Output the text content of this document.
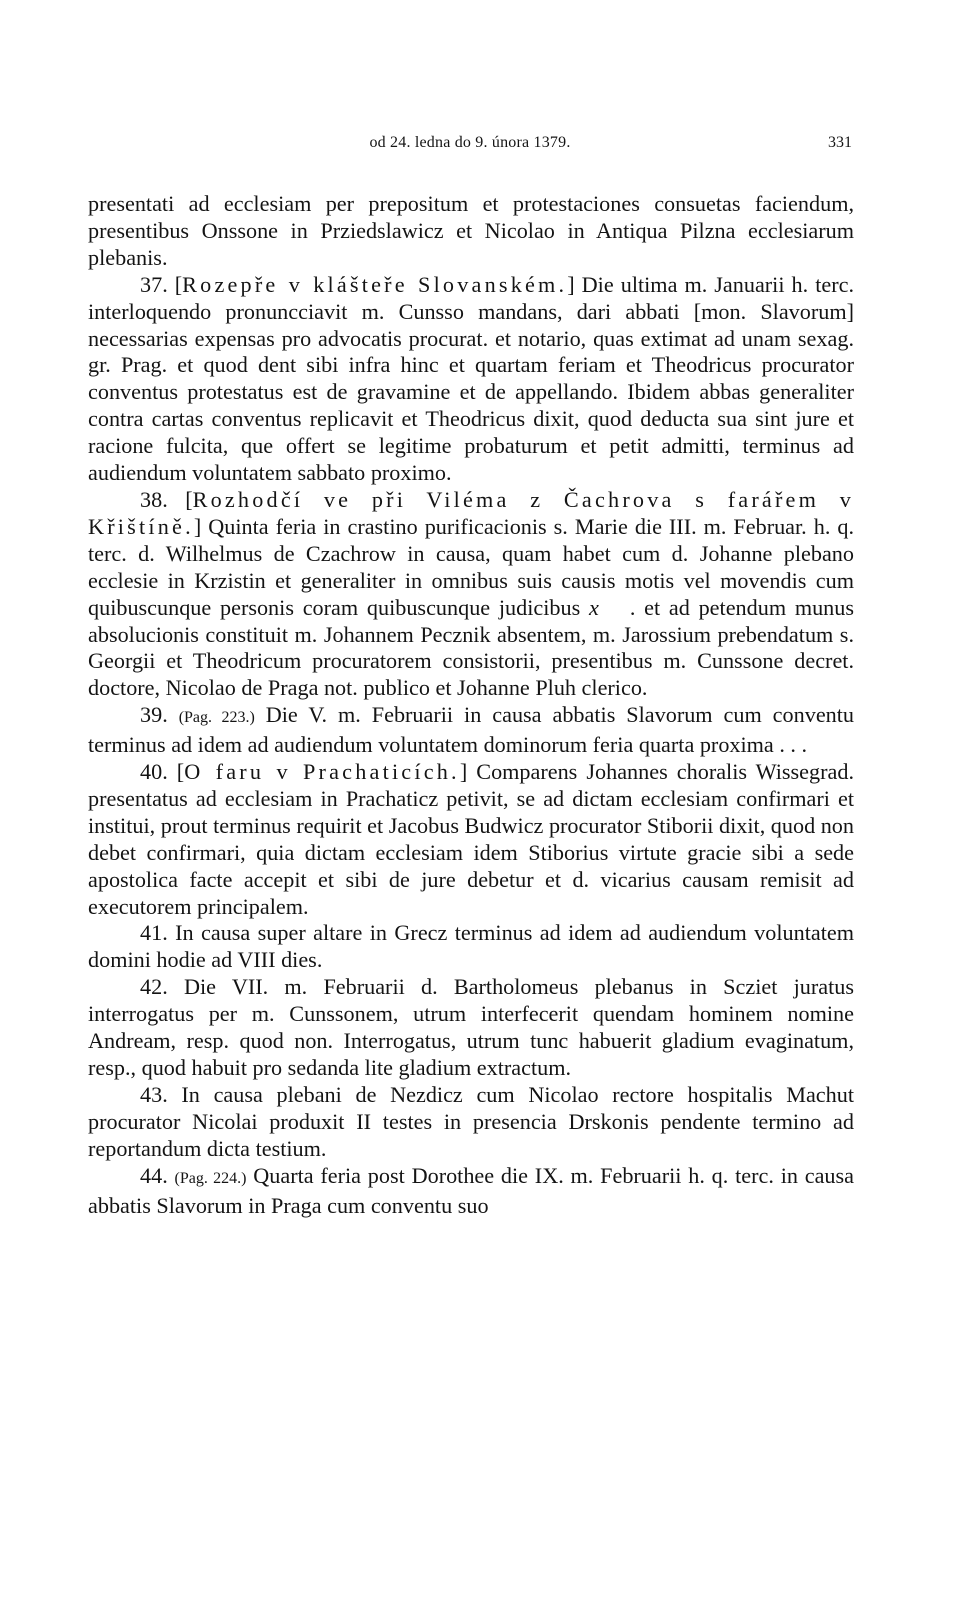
od 24. ledna do 9. února 1379.	331

presentati ad ecclesiam per prepositum et protestaciones consuetas faciendum, presentibus Onssone in Prziedslawicz et Nicolao in Antiqua Pilzna ecclesiarum plebanis.

37. [Rozepře v klášteře Slovanském.] Die ultima m. Januarii h. terc. interloquendo pronuncciavit m. Cunsso mandans, dari abbati [mon. Slavorum] necessarias expensas pro advocatis procurat. et notario, quas extimat ad unam sexag. gr. Prag. et quod dent sibi infra hinc et quartam feriam et Theodricus procurator conventus protestatus est de gravamine et de appellando. Ibidem abbas generaliter contra cartas conventus replicavit et Theodricus dixit, quod deducta sua sint jure et racione fulcita, que offert se legitime probaturum et petit admitti, terminus ad audiendum voluntatem sabbato proximo.

38. [Rozhodčí ve při Viléma z Čachrova s farářem v Křištíně.] Quinta feria in crastino purificacionis s. Marie die III. m. Februar. h. q. terc. d. Wilhelmus de Czachrow in causa, quam habet cum d. Johanne plebano ecclesie in Krzistin et generaliter in omnibus suis causis motis vel movendis cum quibuscunque personis coram quibuscunque judicibus x  . et ad petendum munus absolucionis constituit m. Johannem Pecznik absentem, m. Jarossium prebendatum s. Georgii et Theodricum procuratorem consistorii, presentibus m. Cunssone decret. doctore, Nicolao de Praga not. publico et Johanne Pluh clerico.

39. (Pag. 223.) Die V. m. Februarii in causa abbatis Slavorum cum conventu terminus ad idem ad audiendum voluntatem dominorum feria quarta proxima . . .

40. [O faru v Prachaticích.] Comparens Johannes choralis Wissegrad. presentatus ad ecclesiam in Prachaticz petivit, se ad dictam ecclesiam confirmari et institui, prout terminus requirit et Jacobus Budwicz procurator Stiborii dixit, quod non debet confirmari, quia dictam ecclesiam idem Stiborius virtute gracie sibi a sede apostolica facte accepit et sibi de jure debetur et d. vicarius causam remisit ad executorem principalem.

41. In causa super altare in Grecz terminus ad idem ad audiendum voluntatem domini hodie ad VIII dies.

42. Die VII. m. Februarii d. Bartholomeus plebanus in Scziet juratus interrogatus per m. Cunssonem, utrum interfecerit quendam hominem nomine Andream, resp. quod non. Interrogatus, utrum tunc habuerit gladium evaginatum, resp., quod habuit pro sedanda lite gladium extractum.

43. In causa plebani de Nezdicz cum Nicolao rectore hospitalis Machut procurator Nicolai produxit II testes in presencia Drskonis pendente termino ad reportandum dicta testium.

44. (Pag. 224.) Quarta feria post Dorothee die IX. m. Februarii h. q. terc. in causa abbatis Slavorum in Praga cum conventu suo
